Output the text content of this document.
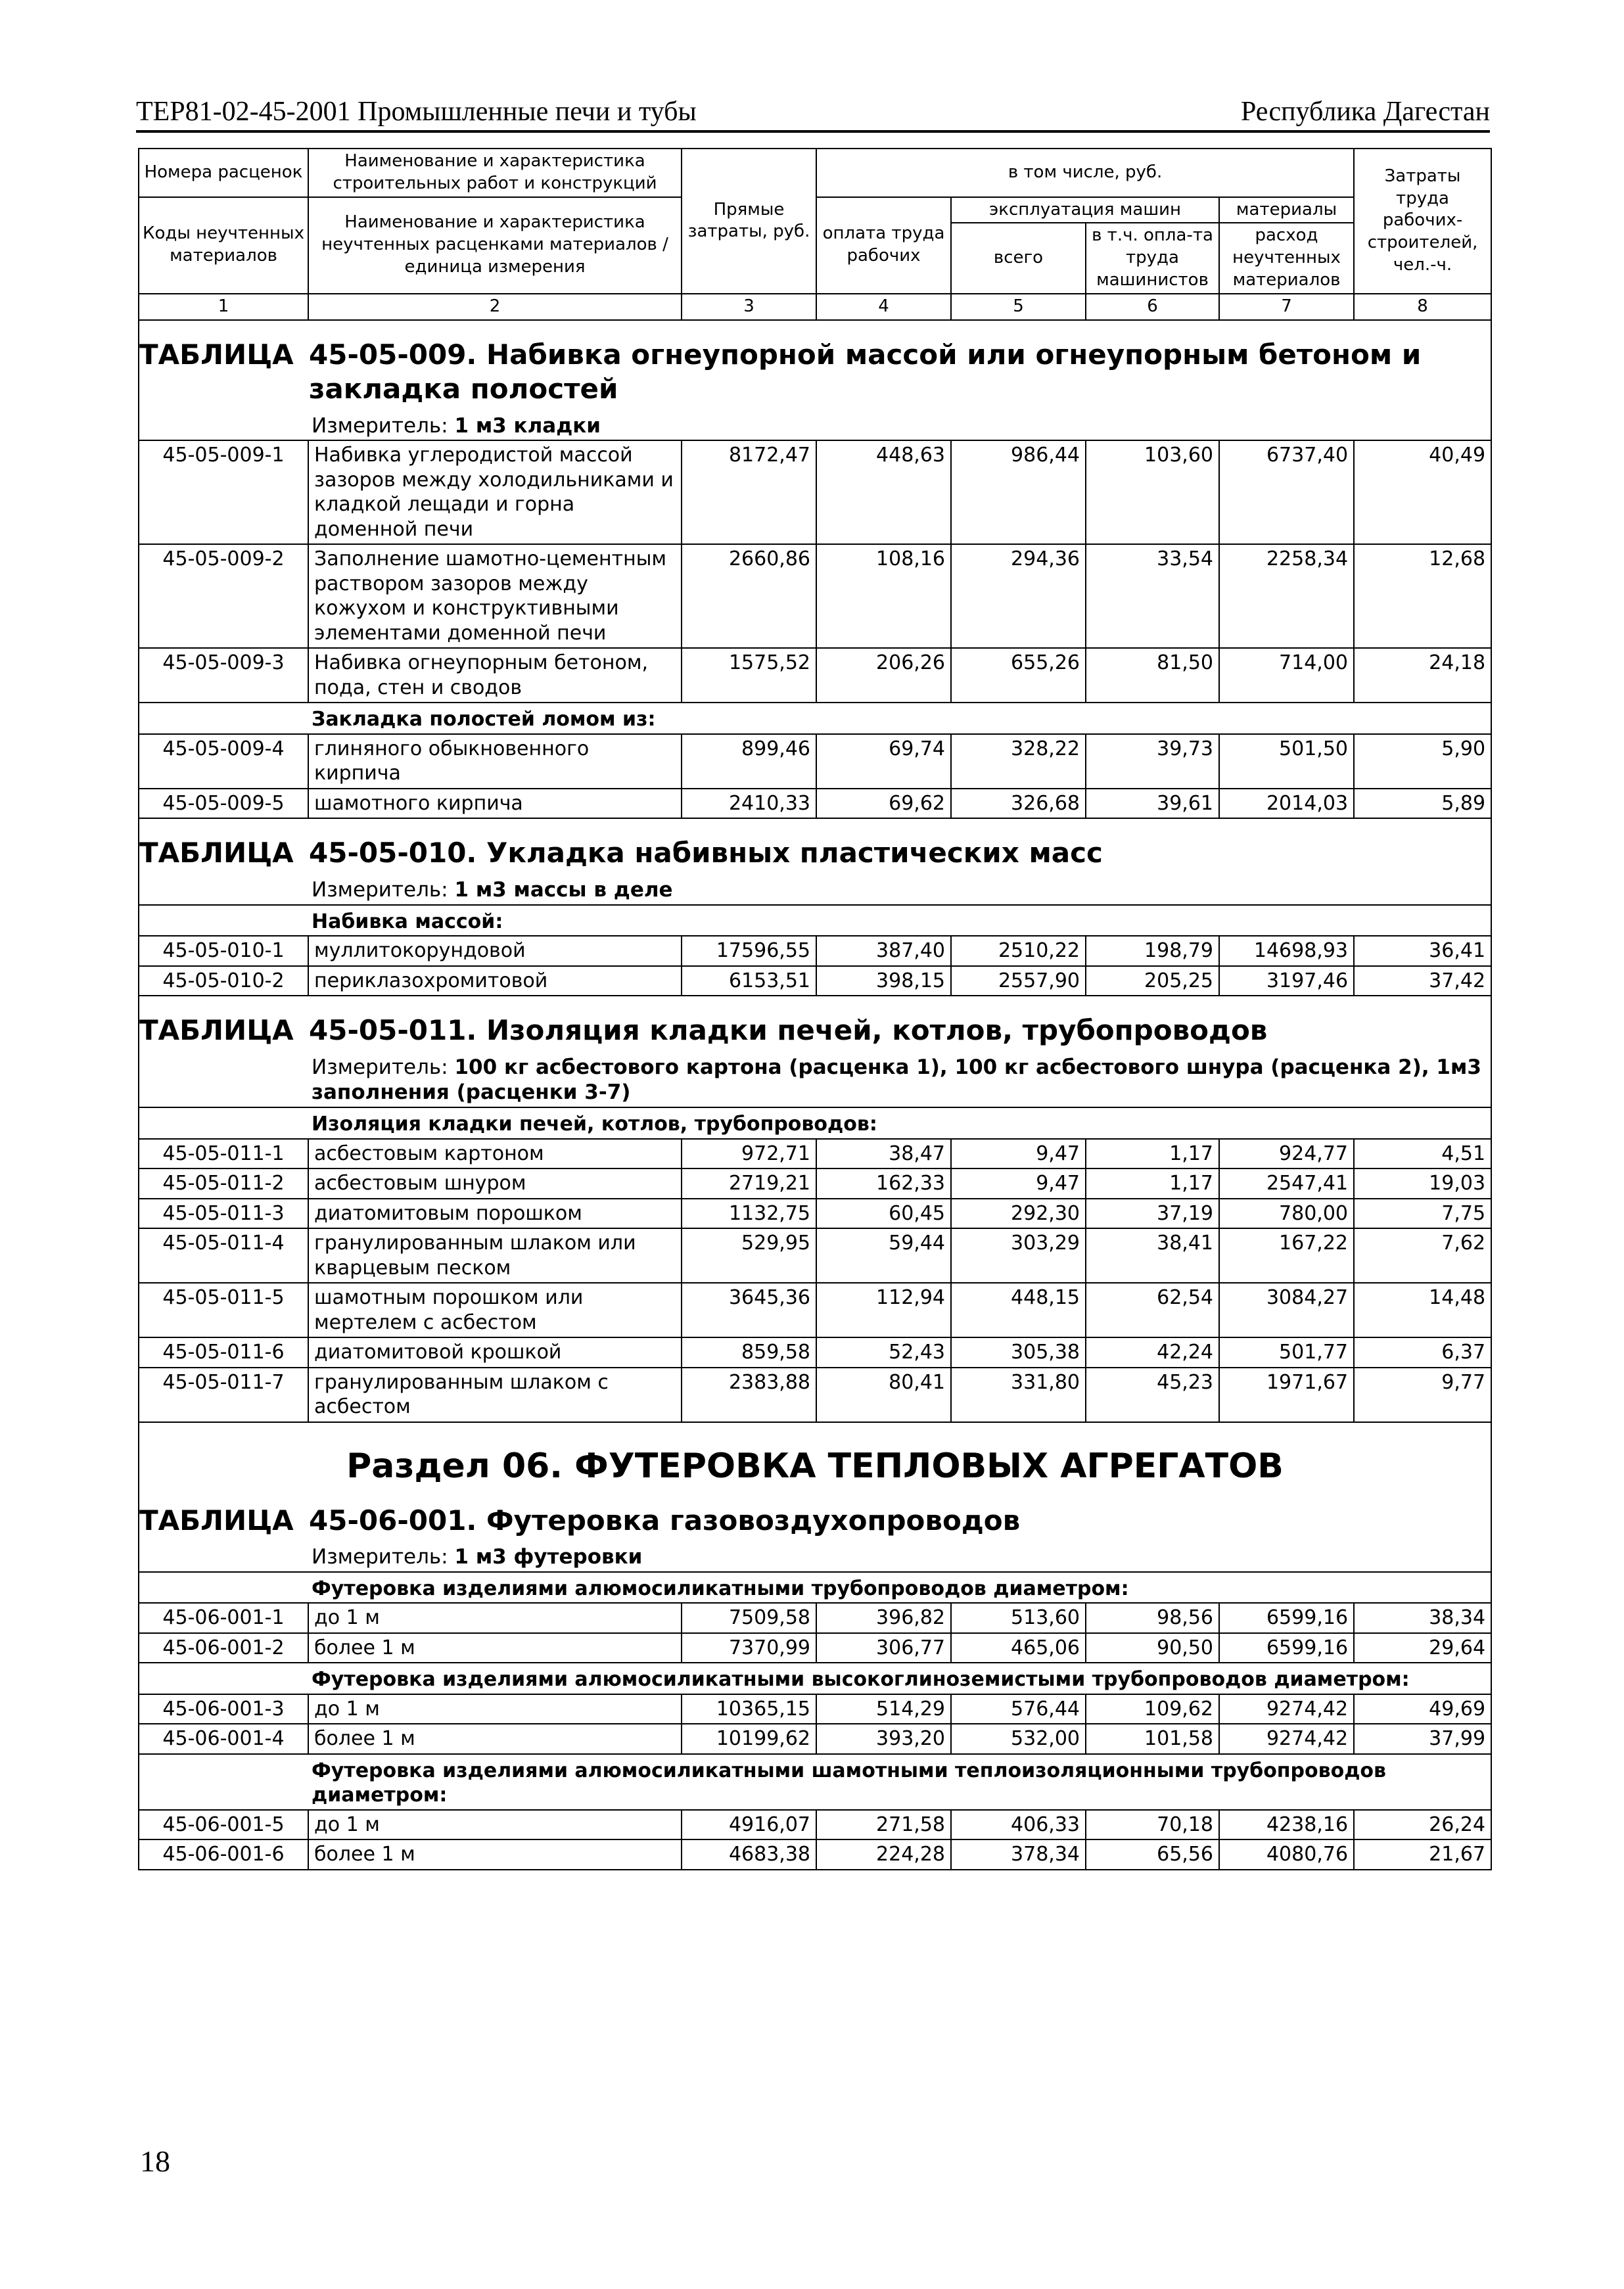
ТЕР81-02-45-2001 Промышленные печи и тубы	Республика Дагестан
Номера расценок	Наименование и характеристика строительных работ и конструкций	Прямые затраты, руб.	в том числе, руб.				Затраты труда рабочих-строителей, чел.-ч.
Коды неучтенных материалов	Наименование и характеристика неучтенных расценками материалов / единица измерения		оплата труда рабочих	эксплуатация машин		материалы	
				всего	в т.ч. опла-та труда машинистов	расход неучтенных материалов	
1	2	3	4	5	6	7	8
ТАБЛИЦА 45-05-009. Набивка огнеупорной массой или огнеупорным бетоном и закладка полостей							
Измеритель: 1 м3 кладки							
45-05-009-1	Набивка углеродистой массой зазоров между холодильниками и кладкой лещади и горна доменной печи	8172,47	448,63	986,44	103,60	6737,40	40,49
45-05-009-2	Заполнение шамотно-цементным раствором зазоров между кожухом и конструктивными элементами доменной печи	2660,86	108,16	294,36	33,54	2258,34	12,68
45-05-009-3	Набивка огнеупорным бетоном, пода, стен и сводов	1575,52	206,26	655,26	81,50	714,00	24,18
Закладка полостей ломом из:							
45-05-009-4	глиняного обыкновенного кирпича	899,46	69,74	328,22	39,73	501,50	5,90
45-05-009-5	шамотного кирпича	2410,33	69,62	326,68	39,61	2014,03	5,89
ТАБЛИЦА 45-05-010. Укладка набивных пластических масс							
Измеритель: 1 м3 массы в деле							
Набивка массой:							
45-05-010-1	муллитокорундовой	17596,55	387,40	2510,22	198,79	14698,93	36,41
45-05-010-2	периклазохромитовой	6153,51	398,15	2557,90	205,25	3197,46	37,42
ТАБЛИЦА 45-05-011. Изоляция кладки печей, котлов, трубопроводов							
Измеритель: 100 кг асбестового картона (расценка 1), 100 кг асбестового шнура (расценка 2), 1м3 заполнения (расценки 3-7)							
Изоляция кладки печей, котлов, трубопроводов:							
45-05-011-1	асбестовым картоном	972,71	38,47	9,47	1,17	924,77	4,51
45-05-011-2	асбестовым шнуром	2719,21	162,33	9,47	1,17	2547,41	19,03
45-05-011-3	диатомитовым порошком	1132,75	60,45	292,30	37,19	780,00	7,75
45-05-011-4	гранулированным шлаком или кварцевым песком	529,95	59,44	303,29	38,41	167,22	7,62
45-05-011-5	шамотным порошком или мертелем с асбестом	3645,36	112,94	448,15	62,54	3084,27	14,48
45-05-011-6	диатомитовой крошкой	859,58	52,43	305,38	42,24	501,77	6,37
45-05-011-7	гранулированным шлаком с асбестом	2383,88	80,41	331,80	45,23	1971,67	9,77
Раздел 06. ФУТЕРОВКА ТЕПЛОВЫХ АГРЕГАТОВ							
ТАБЛИЦА 45-06-001. Футеровка газовоздухопроводов							
Измеритель: 1 м3 футеровки							
Футеровка изделиями алюмосиликатными трубопроводов диаметром:							
45-06-001-1	до 1 м	7509,58	396,82	513,60	98,56	6599,16	38,34
45-06-001-2	более 1 м	7370,99	306,77	465,06	90,50	6599,16	29,64
Футеровка изделиями алюмосиликатными высокоглиноземистыми трубопроводов диаметром:							
45-06-001-3	до 1 м	10365,15	514,29	576,44	109,62	9274,42	49,69
45-06-001-4	более 1 м	10199,62	393,20	532,00	101,58	9274,42	37,99
Футеровка изделиями алюмосиликатными шамотными теплоизоляционными трубопроводов диаметром:							
45-06-001-5	до 1 м	4916,07	271,58	406,33	70,18	4238,16	26,24
45-06-001-6	более 1 м	4683,38	224,28	378,34	65,56	4080,76	21,67
18
